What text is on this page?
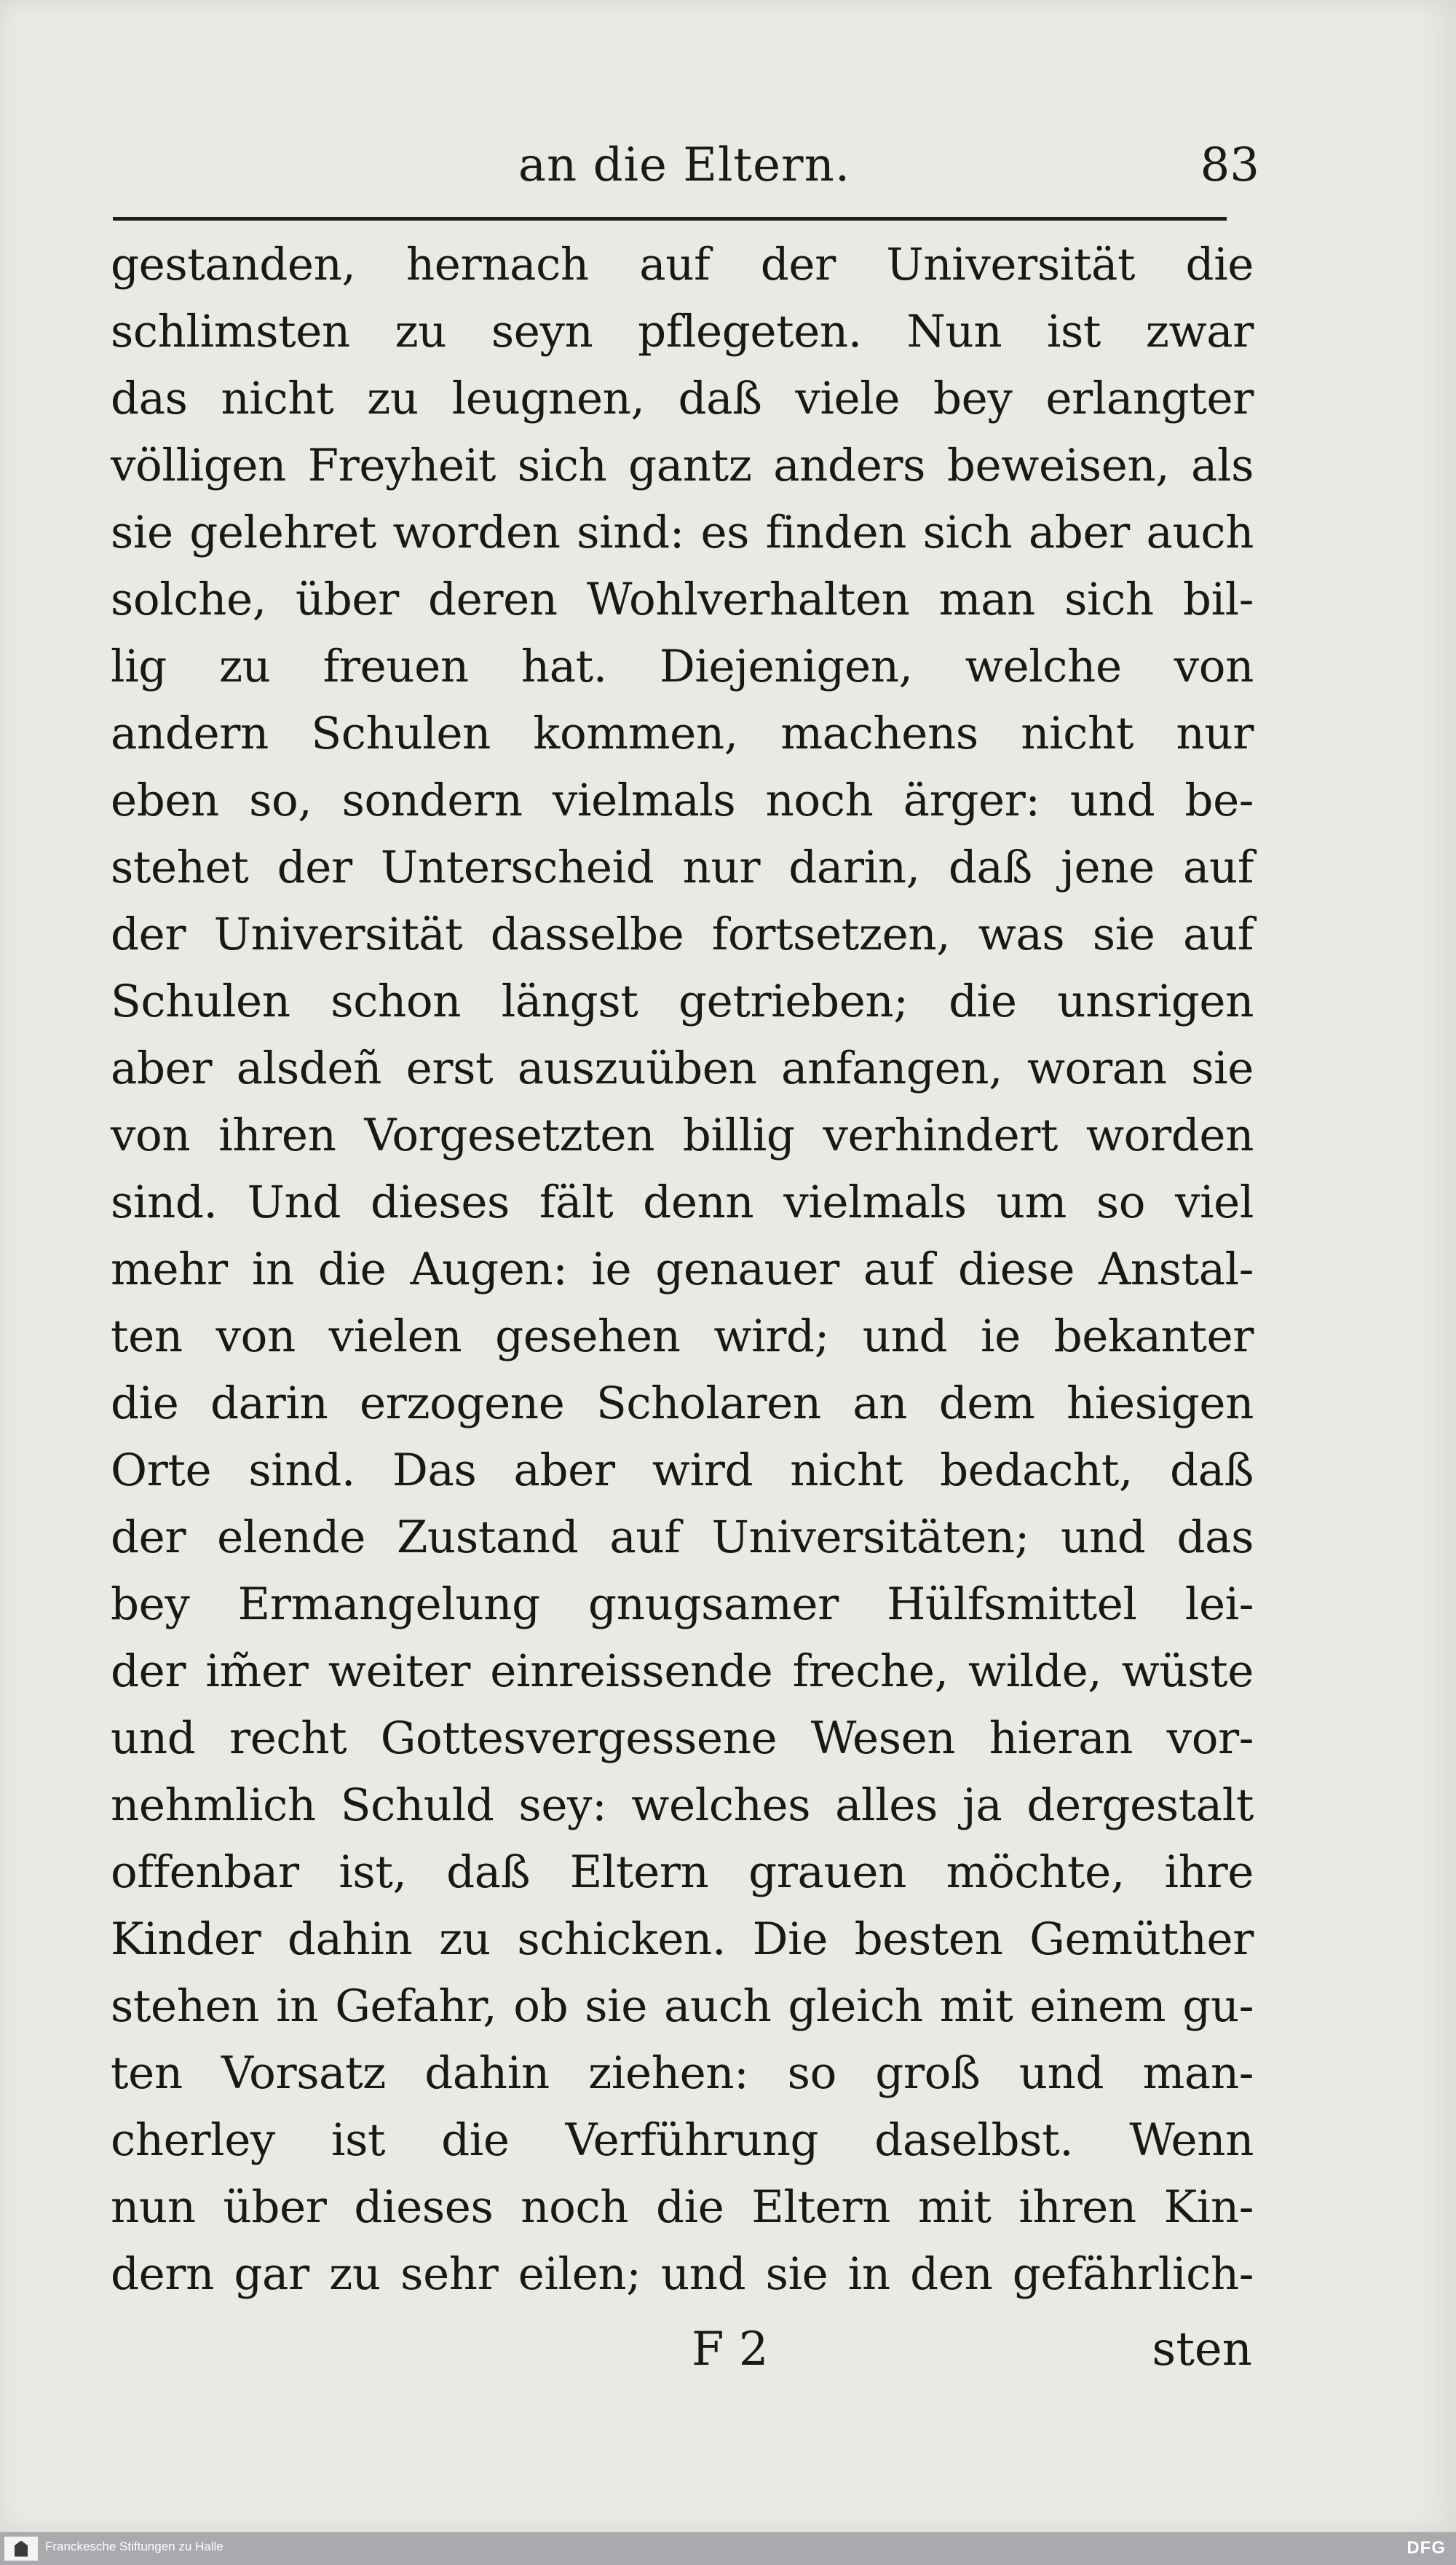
an die Eltern.	83
gestanden, hernach auf der Universität die
schlimsten zu seyn pflegeten. Nun ist zwar
das nicht zu leugnen, daß viele bey erlangter
völligen Freyheit sich gantz anders beweisen, als
sie gelehret worden sind: es finden sich aber auch
solche, über deren Wohlverhalten man sich bil-
lig zu freuen hat. Diejenigen, welche von
andern Schulen kommen, machens nicht nur
eben so, sondern vielmals noch ärger: und be-
stehet der Unterscheid nur darin, daß jene auf
der Universität dasselbe fortsetzen, was sie auf
Schulen schon längst getrieben; die unsrigen
aber alsdeñ erst auszuüben anfangen, woran sie
von ihren Vorgesetzten billig verhindert worden
sind. Und dieses fält denn vielmals um so viel
mehr in die Augen: ie genauer auf diese Anstal-
ten von vielen gesehen wird; und ie bekanter
die darin erzogene Scholaren an dem hiesigen
Orte sind. Das aber wird nicht bedacht, daß
der elende Zustand auf Universitäten; und das
bey Ermangelung gnugsamer Hülfsmittel lei-
der im̃er weiter einreissende freche, wilde, wüste
und recht Gottesvergessene Wesen hieran vor-
nehmlich Schuld sey: welches alles ja dergestalt
offenbar ist, daß Eltern grauen möchte, ihre
Kinder dahin zu schicken. Die besten Gemüther
stehen in Gefahr, ob sie auch gleich mit einem gu-
ten Vorsatz dahin ziehen: so groß und man-
cherley ist die Verführung daselbst. Wenn
nun über dieses noch die Eltern mit ihren Kin-
dern gar zu sehr eilen; und sie in den gefährlich-
F 2	sten
Franckesche Stiftungen zu Halle	DFG
